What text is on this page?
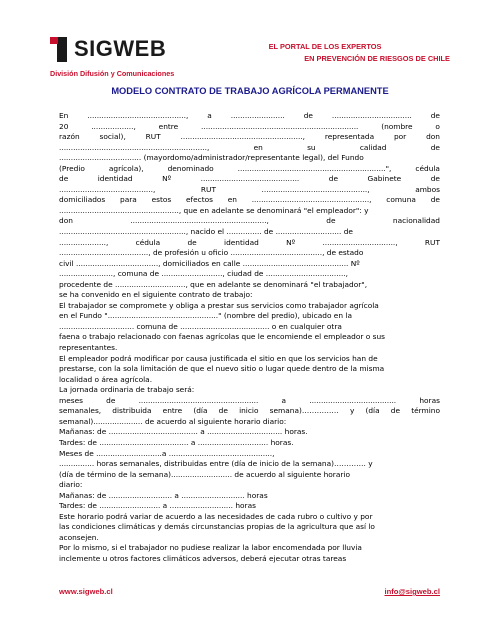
SIGWEB	EL PORTAL DE LOS EXPERTOS
EN PREVENCIÓN DE RIESGOS DE CHILE
División Difusión y Comunicaciones
MODELO CONTRATO DE TRABAJO AGRÍCOLA PERMANENTE
En	..........................................,	a	.......................	de	..................................	de
20	..................,	entre	...................................................................	(nombre	o
razón	social),	RUT	....................................................,	representada	por	don
...............................................................,	en	su	calidad	de
................................... (mayordomo/administrador/representante legal), del Fundo
(Predio	agrícola),	denominado	...............................................................",	cédula
de	identidad	Nº	..........................................	de	Gabinete	de
........................................,	RUT	.............................................,	ambos
domiciliados para estos efectos en .................................................., comuna de
..................................................., que en adelante se denominará "el empleador": y
don	..........................................................,	de	nacionalidad
......................................................, nacido el ............... de ............................ de
....................,	cédula	de	identidad	Nº	...............................,	RUT
......................................, de profesión u oficio ......................................., de estado
civil ..................................., domiciliados en calle ............................................. Nº
......................., comuna de .........................., ciudad de ..................................,
procedente de .............................., que en adelante se denominará "el trabajador",
se ha convenido en el siguiente contrato de trabajo:
El trabajador se compromete y obliga a prestar sus servicios como trabajador agrícola
en el Fundo "..............................................." (nombre del predio), ubicado en la
................................ comuna de ...................................... o en cualquier otra
faena o trabajo relacionado con faenas agrícolas que le encomiende el empleador o sus
representantes.
El empleador podrá modificar por causa justificada el sitio en que los servicios han de
prestarse, con la sola limitación de que el nuevo sitio o lugar quede dentro de la misma
localidad o área agrícola.
La jornada ordinaria de trabajo será:
meses	de	...................................................	a	.....................................	horas
semanales, distribuida entre (día de inicio semana)…………… y (día de término
semanal)..................... de acuerdo al siguiente horario diario:
Mañanas: de ...................................... a ................................ horas.
Tardes: de ...................................... a .............................. horas.
Meses de ............................a ............................................,
............... horas semanales, distribuidas entre (día de inicio de la semana)…………. y
(día de término de la semana).......................... de acuerdo al siguiente horario
diario:
Mañanas: de ........................... a ........................... horas
Tardes: de .......................... a ........................... horas
Este horario podrá variar de acuerdo a las necesidades de cada rubro o cultivo y por
las condiciones climáticas y demás circunstancias propias de la agricultura que así lo
aconsejen.
Por lo mismo, si el trabajador no pudiese realizar la labor encomendada por lluvia
inclemente u otros factores climáticos adversos, deberá ejecutar otras tareas
www.sigweb.cl	info@sigweb.cl
